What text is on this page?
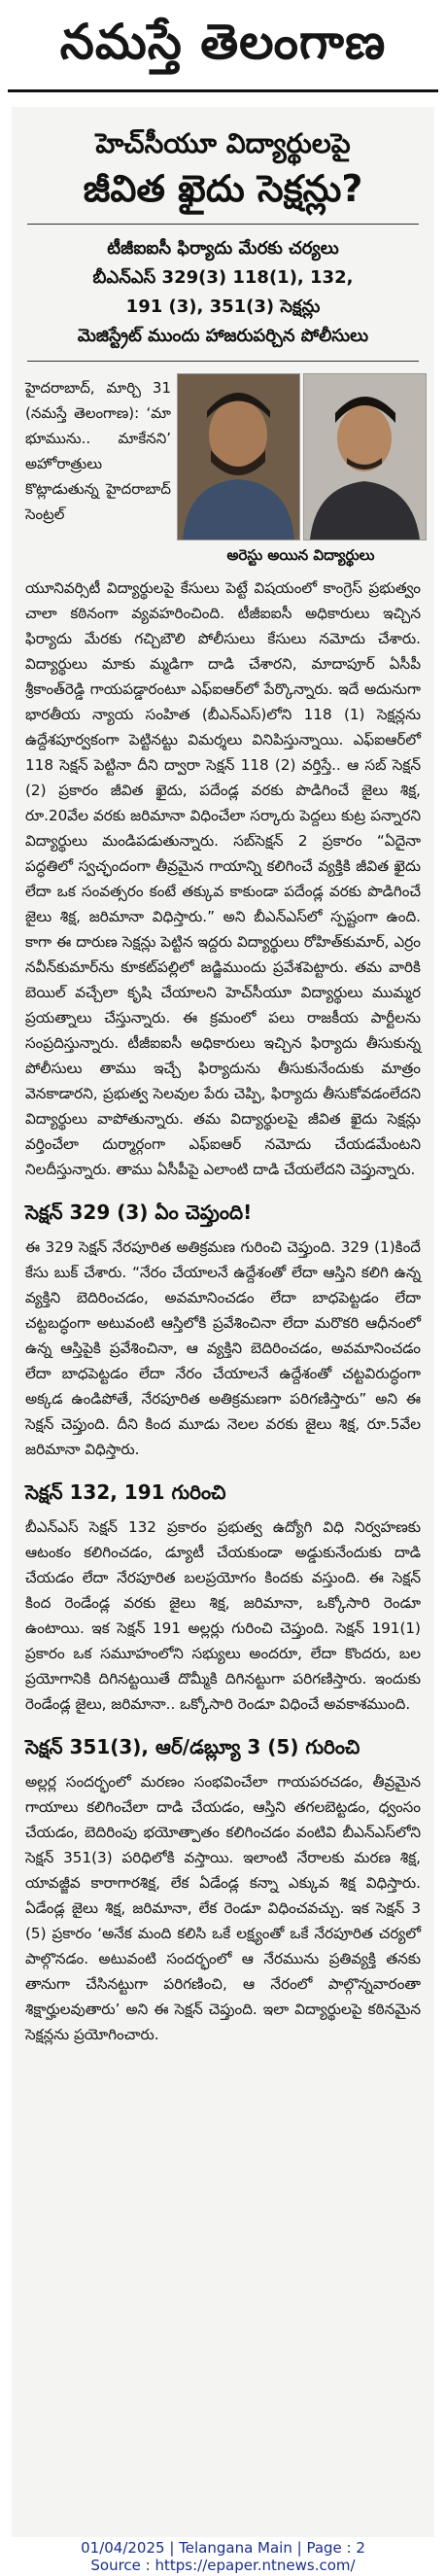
నమస్తే తెలంగాణ
హెచ్‌సీయూ విద్యార్థులపై
జీవిత ఖైదు సెక్షన్లు?
టీజీఐఐసీ ఫిర్యాదు మేరకు చర్యలు
బీఎన్‌ఎస్‌ 329(3) 118(1), 132,
191 (3), 351(3) సెక్షన్లు
మెజిస్ట్రేట్‌ ముందు హాజరుపర్చిన పోలీసులు
హైదరాబాద్‌, మార్చి 31 (నమస్తే తెలంగాణ): ‘మా భూమును.. మాకేనని’ అహోరాత్రులు కొట్లాడుతున్న హైదరాబాద్‌ సెంట్రల్‌
అరెస్టు అయిన విద్యార్థులు

యూనివర్సిటీ విద్యార్థులపై కేసులు పెట్టే విషయంలో కాంగ్రెస్‌ ప్రభుత్వం చాలా కఠినంగా వ్యవహరించింది. టీజీఐఐసీ అధికారులు ఇచ్చిన ఫిర్యాదు మేరకు గచ్చిబౌలి పోలీసులు కేసులు నమోదు చేశారు. విద్యార్థులు మాకు మ్మడిగా దాడి చేశారని, మాదాపూర్‌ ఏసీపీ శ్రీకాంత్‌రెడ్డి గాయపడ్డారంటూ ఎఫ్‌ఐఆర్‌లో పేర్కొన్నారు. ఇదే అదునుగా భారతీయ న్యాయ సంహిత (బీఎన్‌ఎస్‌)లోని 118 (1) సెక్షన్లను ఉద్దేశపూర్వకంగా పెట్టినట్టు విమర్శలు వినిపిస్తున్నాయి. ఎఫ్‌ఐఆర్‌లో 118 సెక్షన్‌ పెట్టినా దీని ద్వారా సెక్షన్‌ 118 (2) వర్తిస్తే.. ఆ సబ్‌ సెక్షన్‌ (2) ప్రకారం జీవిత ఖైదు, పదేండ్ల వరకు పొడిగించే జైలు శిక్ష, రూ.20వేల వరకు జరిమానా విధించేలా సర్కారు పెద్దలు కుట్ర పన్నారని విద్యార్థులు మండిపడుతున్నారు. సబ్‌సెక్షన్‌ 2 ప్రకారం “ఏదైనా పద్ధతిలో స్వచ్ఛందంగా తీవ్రమైన గాయాన్ని కలిగించే వ్యక్తికి జీవిత ఖైదు లేదా ఒక సంవత్సరం కంటే తక్కువ కాకుండా పదేండ్ల వరకు పొడిగించే జైలు శిక్ష, జరిమానా విధిస్తారు.” అని బీఎన్‌ఎస్‌లో స్పష్టంగా ఉంది. కాగా ఈ దారుణ సెక్షన్లు పెట్టిన ఇద్దరు విద్యార్థులు రోహిత్‌కుమార్‌, ఎర్రం నవీన్‌కుమార్‌ను కూకట్‌పల్లిలో జడ్జిముందు ప్రవేశపెట్టారు. తమ వారికి బెయిల్‌ వచ్చేలా కృషి చేయాలని హెచ్‌సీయూ విద్యార్థులు ముమ్మర ప్రయత్నాలు చేస్తున్నారు. ఈ క్రమంలో పలు రాజకీయ పార్టీలను సంప్రదిస్తున్నారు. టీజీఐఐసీ అధికారులు ఇచ్చిన ఫిర్యాదు తీసుకున్న పోలీసులు తాము ఇచ్చే ఫిర్యాదును తీసుకునేందుకు మాత్రం వెనకాడారని, ప్రభుత్వ సెలవుల పేరు చెప్పి, ఫిర్యాదు తీసుకోవడంలేదని విద్యార్థులు వాపోతున్నారు. తమ విద్యార్థులపై జీవిత ఖైదు సెక్షన్లు వర్తించేలా దుర్మార్గంగా ఎఫ్‌ఐఆర్‌ నమోదు చేయడమేంటని నిలదీస్తున్నారు. తాము ఏసీపీపై ఎలాంటి దాడి చేయలేదని చెప్తున్నారు.

సెక్షన్‌ 329 (3) ఏం చెప్తుంది!

ఈ 329 సెక్షన్‌ నేరపూరిత అతిక్రమణ గురించి చెప్తుంది. 329 (1)కిందే కేసు బుక్‌ చేశారు. “నేరం చేయాలనే ఉద్దేశంతో లేదా ఆస్తిని కలిగి ఉన్న వ్యక్తిని బెదిరించడం, అవమానించడం లేదా బాధపెట్టడం లేదా చట్టబద్ధంగా అటువంటి ఆస్తిలోకి ప్రవేశించినా లేదా మరొకరి ఆధీనంలో ఉన్న ఆస్తిపైకి ప్రవేశించినా, ఆ వ్యక్తిని బెదిరించడం, అవమానించడం లేదా బాధపెట్టడం లేదా నేరం చేయాలనే ఉద్దేశంతో చట్టవిరుద్ధంగా అక్కడ ఉండిపోతే, నేరపూరిత అతిక్రమణగా పరిగణిస్తారు” అని ఈ సెక్షన్‌ చెప్తుంది. దీని కింద మూడు నెలల వరకు జైలు శిక్ష, రూ.5వేల జరిమానా విధిస్తారు.

సెక్షన్‌ 132, 191 గురించి

బీఎన్‌ఎస్‌ సెక్షన్‌ 132 ప్రకారం ప్రభుత్వ ఉద్యోగి విధి నిర్వహణకు ఆటంకం కలిగించడం, డ్యూటీ చేయకుండా అడ్డుకునేందుకు దాడి చేయడం లేదా నేరపూరిత బలప్రయోగం కిందకు వస్తుంది. ఈ సెక్షన్‌ కింద రెండేండ్ల వరకు జైలు శిక్ష, జరిమానా, ఒక్కోసారి రెండూ ఉంటాయి. ఇక సెక్షన్‌ 191 అల్లర్లు గురించి చెప్తుంది. సెక్షన్‌ 191(1) ప్రకారం ఒక సమూహంలోని సభ్యులు అందరూ, లేదా కొందరు, బల ప్రయోగానికి దిగినట్టయితే దొమ్మీకి దిగినట్టుగా పరిగణిస్తారు. ఇందుకు రెండేండ్ల జైలు, జరిమానా.. ఒక్కోసారి రెండూ విధించే అవకాశముంది.

సెక్షన్‌ 351(3), ఆర్‌/డబ్ల్యూ 3 (5) గురించి

అల్లర్ల సందర్భంలో మరణం సంభవించేలా గాయపరచడం, తీవ్రమైన గాయాలు కలిగించేలా దాడి చేయడం, ఆస్తిని తగలబెట్టడం, ధ్వంసం చేయడం, బెదిరింపు భయోత్పాతం కలిగించడం వంటివి బీఎన్‌ఎస్‌లోని సెక్షన్‌ 351(3) పరిధిలోకి వస్తాయి. ఇలాంటి నేరాలకు మరణ శిక్ష, యావజ్జీవ కారాగారశిక్ష, లేక ఏడేండ్ల కన్నా ఎక్కువ శిక్ష విధిస్తారు. ఏడేండ్ల జైలు శిక్ష, జరిమానా, లేక రెండూ విధించవచ్చు. ఇక సెక్షన్‌ 3 (5) ప్రకారం ‘అనేక మంది కలిసి ఒకే లక్ష్యంతో ఒకే నేరపూరిత చర్యలో పాల్గొనడం. అటువంటి సందర్భంలో ఆ నేరమును ప్రతివ్యక్తి తనకు తానుగా చేసినట్టుగా పరిగణించి, ఆ నేరంలో పాల్గొన్నవారంతా శిక్షార్హులవుతారు’ అని ఈ సెక్షన్‌ చెప్తుంది. ఇలా విద్యార్థులపై కఠినమైన సెక్షన్లను ప్రయోగించారు.

01/04/2025 | Telangana Main | Page : 2
Source : https://epaper.ntnews.com/
